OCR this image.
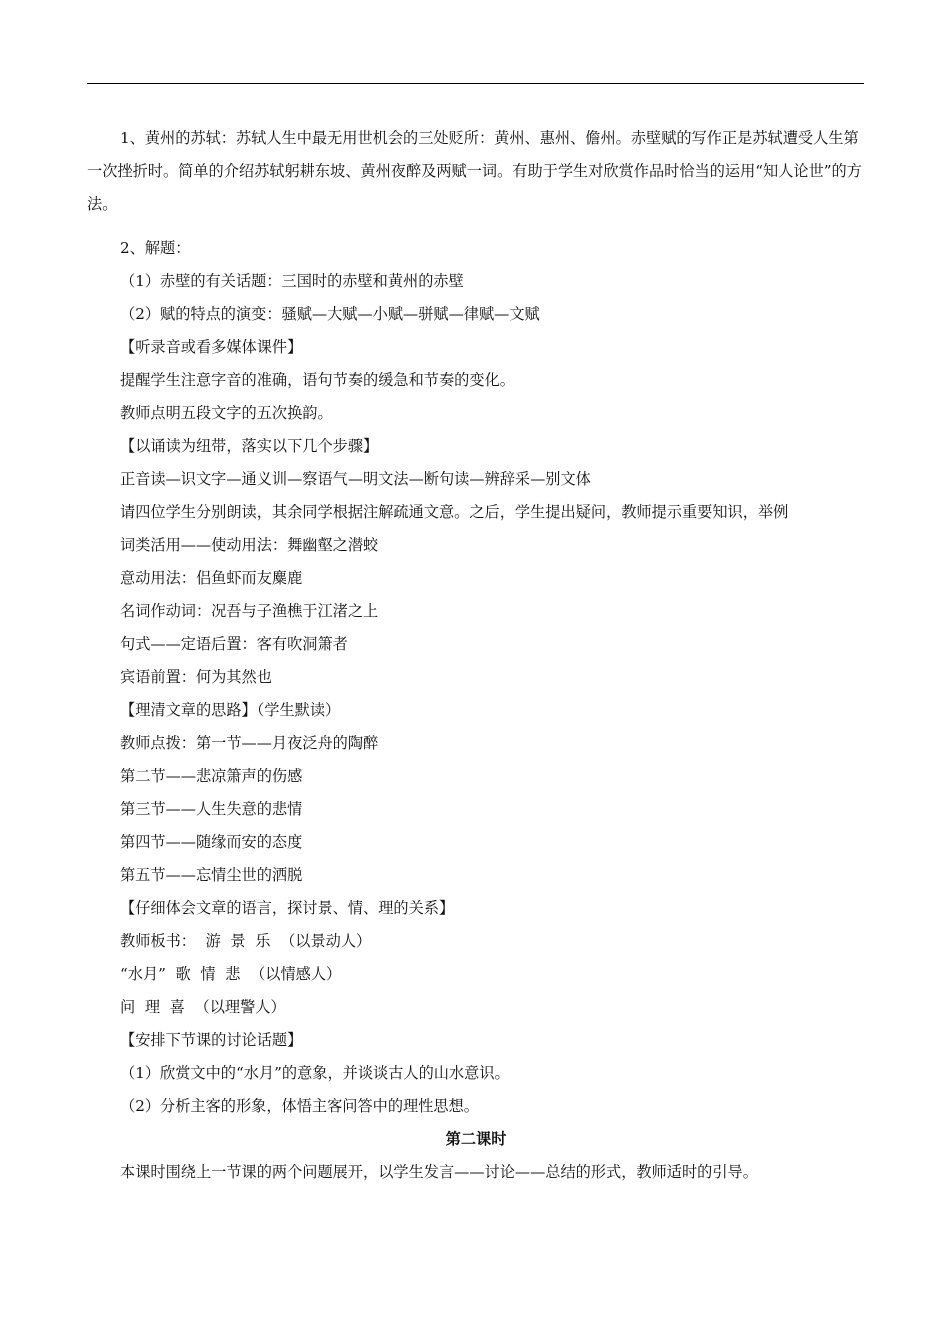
1、黄州的苏轼：苏轼人生中最无用世机会的三处贬所：黄州、惠州、儋州。赤壁赋的写作正是苏轼遭受人生第一次挫折时。简单的介绍苏轼躬耕东坡、黄州夜醉及两赋一词。有助于学生对欣赏作品时恰当的运用“知人论世”的方法。
2、解题：
（1）赤壁的有关话题：三国时的赤壁和黄州的赤壁
（2）赋的特点的演变：骚赋—大赋—小赋—骈赋—律赋—文赋
【听录音或看多媒体课件】
提醒学生注意字音的准确，语句节奏的缓急和节奏的变化。
教师点明五段文字的五次换韵。
【以诵读为纽带，落实以下几个步骤】
正音读—识文字—通义训—察语气—明文法—断句读—辨辞采—别文体
请四位学生分别朗读，其余同学根据注解疏通文意。之后，学生提出疑问，教师提示重要知识，举例
词类活用——使动用法：舞幽壑之潜蛟
意动用法：侣鱼虾而友麋鹿
名词作动词：况吾与子渔樵于江渚之上
句式——定语后置：客有吹洞箫者
宾语前置：何为其然也
【理清文章的思路】（学生默读）
教师点拨：第一节——月夜泛舟的陶醉
第二节——悲凉箫声的伤感
第三节——人生失意的悲情
第四节——随缘而安的态度
第五节——忘情尘世的洒脱
【仔细体会文章的语言，探讨景、情、理的关系】
教师板书：  游  景  乐  （以景动人）
“水月”  歌  情  悲  （以情感人）
问  理  喜  （以理警人）
【安排下节课的讨论话题】
（1）欣赏文中的“水月”的意象，并谈谈古人的山水意识。
（2）分析主客的形象，体悟主客问答中的理性思想。
第二课时
本课时围绕上一节课的两个问题展开，以学生发言——讨论——总结的形式，教师适时的引导。
